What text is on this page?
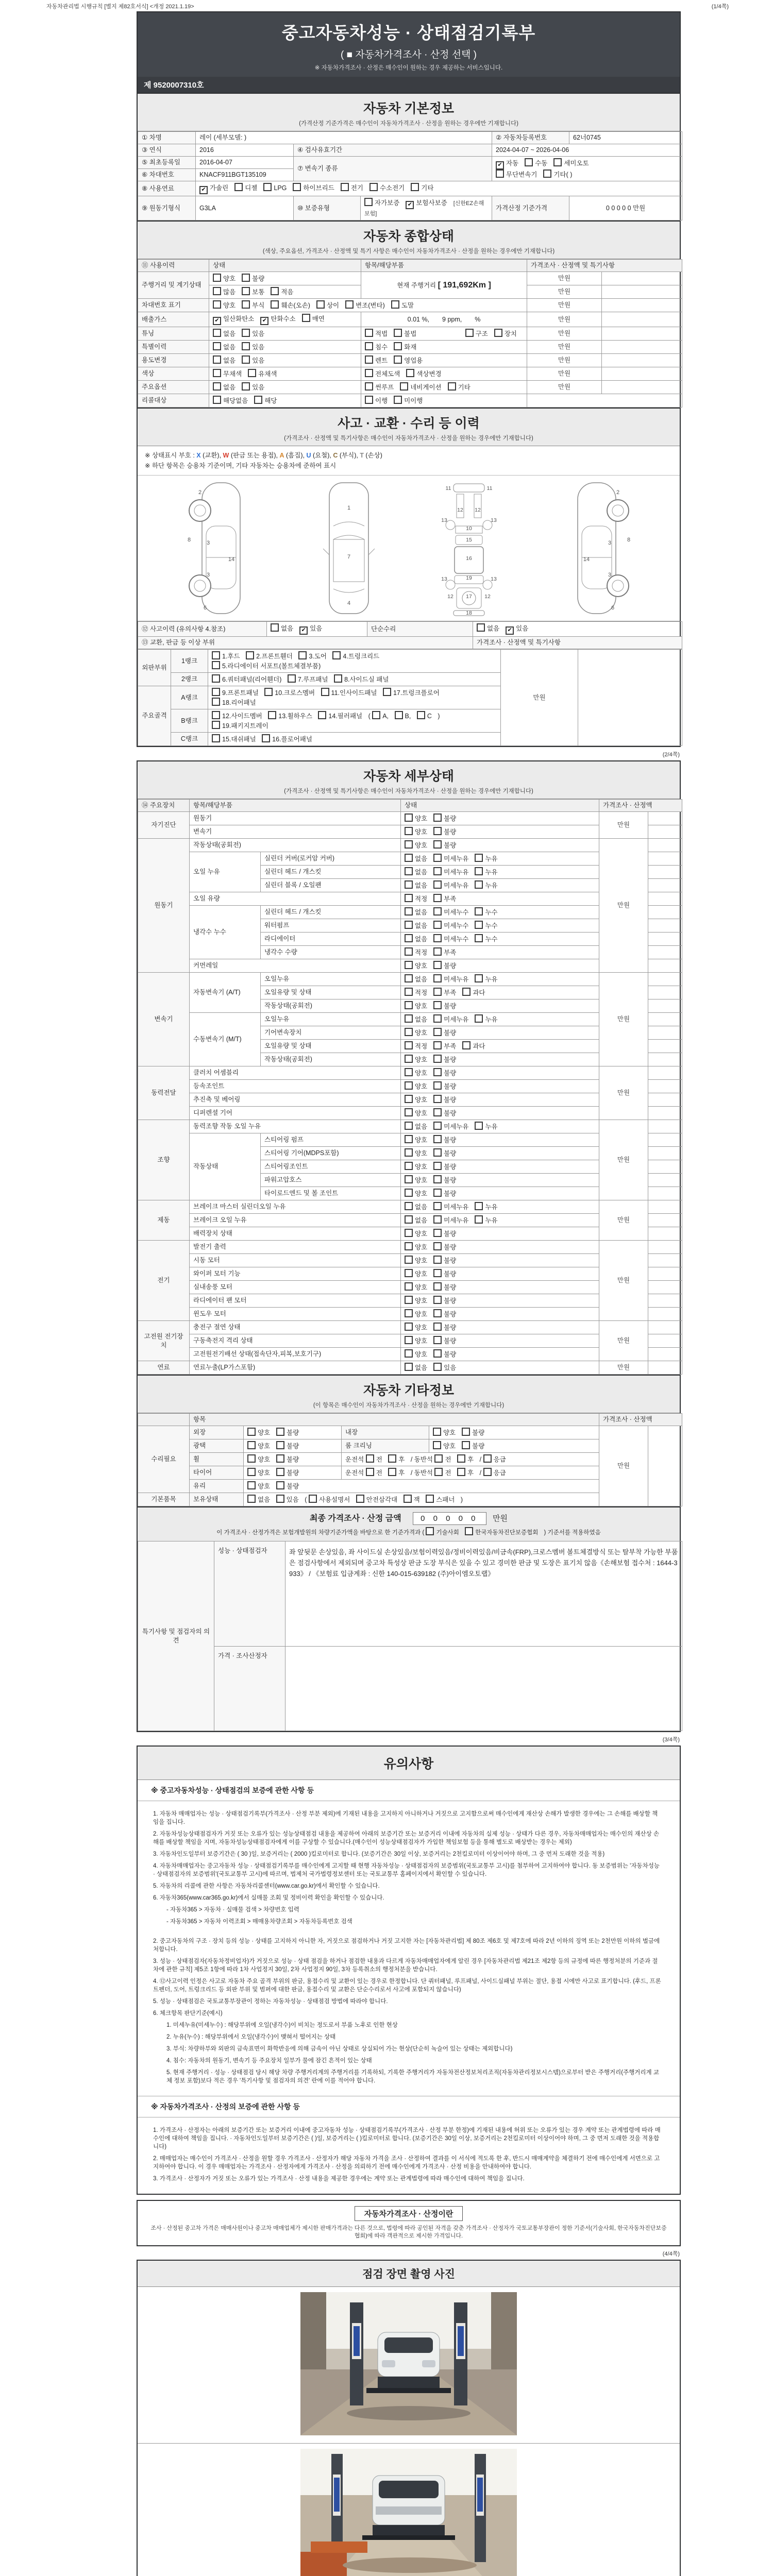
자동차관리법 시행규칙 [별지 제82호서식] <개정 2021.1.19>	(1/4쪽)
중고자동차성능 · 상태점검기록부
( ■ 자동차가격조사 · 산정 선택 )
※ 자동차가격조사 · 산정은 매수인이 원하는 경우 제공하는 서비스입니다.
제 9520007310호
자동차 기본정보
(가격산정 기준가격은 매수인이 자동차가격조사 · 산정을 원하는 경우에만 기재합니다)
① 차명	레이 (세부모델: )			② 자동차등록번호	62너0745
③ 연식	2016	④ 검사유효기간		2024-04-07 ~ 2026-04-06	
⑤ 최초등록일	2016-04-07	⑦ 변속기 종류		✔ 자동 수동 세미오토
무단변속기 기타( )	
⑥ 차대번호	KNACF911BGT135109				
⑧ 사용연료	✔ 가솔린 디젤 LPG 하이브리드 전기 수소전기 기타				
⑨ 원동기형식	G3LA	⑩ 보증유형	자가보증 ✔ 보험사보증 [신한EZ손해보험]	가격산정 기준가격	0 0 0 0 0 만원
자동차 종합상태
(색상, 주요옵션, 가격조사 · 산정액 및 특기 사항은 매수인이 자동차가격조사 · 산정을 원하는 경우에만 기재합니다)
⑪ 사용이력	상태	항목/해당부품	가격조사 · 산정액 및 특기사항	
주행거리 및 계기상태	양호 불량	현재 주행거리 [ 191,692Km ]	만원	
	많음 보통 적음		만원	
차대번호 표기	양호 부식 훼손(오손) 상이 변조(변타) 도말		만원	
배출가스	✔ 일산화탄소 ✔ 탄화수소 매연	0.01 %,  9 ppm,  %	만원	
튜닝	없음 있음	적법 불법 구조 장치	만원	
특별이력	없음 있음	침수 화재	만원	
용도변경	없음 있음	렌트 영업용	만원	
색상	무채색 유채색	전체도색 색상변경	만원	
주요옵션	없음 있음	썬루프 네비게이션 기타	만원	
리콜대상	해당없음 해당	이행 미이행		
사고 · 교환 · 수리 등 이력
(가격조사 · 산정액 및 특기사항은 매수인이 자동차가격조사 · 산정을 원하는 경우에만 기재합니다)
※ 상태표시 부호 : X (교환), W (판금 또는 용접), A (흠집), U (요철), C (부식), T (손상)
※ 하단 항목은 승용차 기준이며, 기타 자동차는 승용차에 준하여 표시
2
8	3
14
3
6
1
7
4
11	11
12 12
13	13
10
15
16
19
13	13
12 17 12
18
2
8
3
14
3
6
⑫ 사고이력 (유의사항 4.참조)	없음 ✔ 있음	단순수리	없음 ✔ 있음
⑬ 교환, 판금 등 이상 부위			가격조사 · 산정액 및 특기사항
외판부위	1랭크	1.후드 2.프론트휀더 3.도어 4.트렁크리드
5.라디에이터 서포트(볼트체결부품)	만원	
	2랭크	6.쿼터패널(리어휀더) 7.루프패널 8.사이드실 패널		
주요골격	A랭크	9.프론트패널 10.크로스멤버 11.인사이드패널 17.트렁크플로어
18.리어패널		
	B랭크	12.사이드멤버 13.휠하우스 14.필러패널 ( A, B, C )
19.패키지트레이		
	C랭크	15.대쉬패널 16.플로어패널		
(2/4쪽)
자동차 세부상태
(가격조사 · 산정액 및 특기사항은 매수인이 자동차가격조사 · 산정을 원하는 경우에만 기재합니다)
⑭ 주요장치	항목/해당부품		상태	가격조사 · 산정액	
자기진단	원동기		양호 불량	만원	
	변속기		양호 불량		
원동기	작동상태(공회전)		양호 불량	만원	
	오일 누유	실린더 커버(로커암 커버)	없음 미세누유 누유		
		실린더 헤드 / 개스킷	없음 미세누유 누유		
		실린더 블록 / 오일팬	없음 미세누유 누유		
	오일 유량		적정 부족		
	냉각수 누수	실린더 헤드 / 개스킷	없음 미세누수 누수		
		워터펌프	없음 미세누수 누수		
		라디에이터	없음 미세누수 누수		
		냉각수 수량	적정 부족		
	커먼레일		양호 불량		
변속기	자동변속기 (A/T)	오일누유	없음 미세누유 누유	만원	
		오일유량 및 상태	적정 부족 과다		
		작동상태(공회전)	양호 불량		
	수동변속기 (M/T)	오일누유	없음 미세누유 누유		
		기어변속장치	양호 불량		
		오일유량 및 상태	적정 부족 과다		
		작동상태(공회전)	양호 불량		
동력전달	클러치 어셈블리		양호 불량	만원	
	등속조인트		양호 불량		
	추진축 및 베어링		양호 불량		
	디퍼렌셜 기어		양호 불량		
조향	동력조향 작동 오일 누유		없음 미세누유 누유	만원	
	작동상태	스티어링 펌프	양호 불량		
		스티어링 기어(MDPS포함)	양호 불량		
		스티어링조인트	양호 불량		
		파워고압호스	양호 불량		
		타이로드엔드 및 볼 조인트	양호 불량		
제동	브레이크 마스터 실린더오일 누유		없음 미세누유 누유	만원	
	브레이크 오일 누유		없음 미세누유 누유		
	배력장치 상태		양호 불량		
전기	발전기 출력		양호 불량	만원	
	시동 모터		양호 불량		
	와이퍼 모터 기능		양호 불량		
	실내송풍 모터		양호 불량		
	라디에이터 팬 모터		양호 불량		
	윈도우 모터		양호 불량		
고전원 전기장치	충전구 절연 상태		양호 불량	만원	
	구동축전지 격리 상태		양호 불량		
	고전원전기배선 상태(접속단자,피복,보호기구)		양호 불량		
연료	연료누출(LP가스포함)		없음 있음	만원	
자동차 기타정보
(이 항목은 매수인이 자동차가격조사 · 산정을 원하는 경우에만 기재합니다)
	항목				가격조사 · 산정액	
수리필요	외장	양호 불량	내장	양호 불량	만원	
	광택	양호 불량	룸 크리닝	양호 불량		
	휠	양호 불량	운전석 전 후 / 동반석 전 후 / 응급			
	타이어	양호 불량	운전석 전 후 / 동반석 전 후 / 응급			
	유리	양호 불량				
기본품목	보유상태	없음 있음 ( 사용설명서 안전삼각대 잭 스패너 )				
최종 가격조사 · 산정 금액 0 0 0 0 0 만원
이 가격조사 · 산정가격은 보험개발원의 차량기준가액을 바탕으로 한 기준가격과 ( 기술사회	한국자동차진단보증협회 ) 기준서를 적용하였음
특기사항 및 점검자의 의견	성능 · 상태점검자	좌 앞뒷문 손상있음, 좌 사이드실 손상있음/보험이력있음/정비이력있음/비금속(FRP),크로스멤버 볼트체결방식 또는 탈부착 가능한 부품은 점검사항에서 제외되며 중고차 특성상 판금 도장 부식은 있을 수 있고 경미한 판금 및 도장은 표기치 않음《손해보험 접수처 : 1644-3933》 / 《보험료 입금계좌 : 신한 140-015-639182 (주)아이엠오토랩》
	가격 · 조사산정자	
(3/4쪽)
유의사항
※ 중고자동차성능 · 상태점검의 보증에 관한 사항 등

1. 자동차 매매업자는 성능 · 상태점검기록부(가격조사 · 산정 부분 제외)에 기재된 내용을 고지하지 아니하거나 거짓으로 고지함으로써 매수인에게 재산상 손해가 발생한 경우에는 그 손해를 배상할 책임을 집니다.

2. 자동차성능상태점검자가 거짓 또는 오류가 있는 성능상태점검 내용을 제공하여 아래의 보증기간 또는 보증거리 이내에 자동차의 실제 성능 · 상태가 다른 경우, 자동차매매업자는 매수인의 재산상 손해를 배상할 책임을 지며, 자동차성능상태점검자에게 이를 구상할 수 있습니다.(매수인이 성능상태점검자가 가입한 책임보험 등을 통해 별도로 배상받는 경우는 제외)

3. 자동차인도일부터 보증기간은 ( 30 )일, 보증거리는 ( 2000 )킬로미터로 합니다. (보증기간은 30일 이상, 보증거리는 2천킬로미터 이상이어야 하며, 그 중 먼저 도래한 것을 적용)

4. 자동차매매업자는 중고자동차 성능 · 상태점검기록부를 매수인에게 고지할 때 현행 자동차성능 · 상태점검자의 보증범위(국토교통부 고시)를 첨부하여 고지하여야 합니다. 동 보증범위는 '자동차성능 · 상태점검자의 보증범위'(국토교통부 고시)에 따르며, 법제처 국가법령정보센터 또는 국토교통부 홈페이지에서 확인할 수 있습니다.

5. 자동차의 리콜에 관한 사항은 자동차리콜센터(www.car.go.kr)에서 확인할 수 있습니다.

6. 자동차365(www.car365.go.kr)에서 실매물 조회 및 정비이력 확인을 확인할 수 있습니다.

- 자동차365 > 자동차 · 실매물 검색 > 차량번호 입력

- 자동차365 > 자동차 이력조회 > 매매용차량조회 > 자동차등록번호 검색

2. 중고자동차의 구조 · 장치 등의 성능 · 상태를 고지하지 아니한 자, 거짓으로 점검하거나 거짓 고지한 자는 [자동차관리법] 제 80조 제6호 및 제7호에 따라 2년 이하의 징역 또는 2천만원 이하의 벌금에 처합니다.

3. 성능 · 상태점검자(자동차정비업자)가 거짓으로 성능 · 상태 점검을 하거나 점검한 내용과 다르게 자동차매매업자에게 알린 경우 [자동차관리법 제21조 제2항 등의 규정에 따른 행정처분의 기준과 절차에 관한 규칙] 제5조 1항에 따라 1차 사업정지 30일, 2차 사업정지 90일, 3차 등록취소의 행정처분을 받습니다.

4. ⑫사고이력 인정은 사고로 자동차 주요 골격 부위의 판금, 용접수리 및 교환이 있는 경우로 한정합니다. 단 쿼터패널, 루프패널, 사이드실패널 부위는 절단, 용접 시에만 사고로 표기합니다. (후드, 프론트펜더, 도어, 트렁크리드 등 외판 부위 및 범퍼에 대한 판금, 용접수리 및 교환은 단순수리로서 사고에 포함되지 않습니다)

5. 성능 · 상태점검은 국토교통부장관이 정하는 자동차성능 · 상태점검 방법에 따라야 합니다.

6. 체크항목 판단기준(예시)

1. 미세누유(미세누수) : 해당부위에 오일(냉각수)이 비치는 정도로서 부품 노후로 인한 현상

2. 누유(누수) : 해당부위에서 오일(냉각수)이 맺혀서 떨어지는 상태

3. 부식: 차량하부와 외판의 금속표면이 화학반응에 의해 금속이 아닌 상태로 상실되어 가는 현상(단순히 녹슬어 있는 상태는 제외합니다)

4. 침수: 자동차의 원동기, 변속기 등 주요장치 일부가 물에 잠긴 흔적이 있는 상태

5. 현재 주행거리 · 성능 · 상태점검 당시 해당 차량 주행거리계의 주행거리를 기록하되, 기록한 주행거리가 자동차전산정보처리조직(자동차관리정보시스템)으로부터 받은 주행거리(주행거리계 교체 정보 포함)보다 적은 경우 '특기사항 및 점검자의 의견' 란에 이를 적어야 합니다.

※ 자동차가격조사 · 산정의 보증에 관한 사항 등

1. 가격조사 · 산정자는 아래의 보증기간 또는 보증거리 이내에 중고자동차 성능 · 상태점검기록부(가격조사 · 산정 부분 한정)에 기재된 내용에 허위 또는 오류가 있는 경우 계약 또는 관계법령에 따라 매수인에 대하여 책임을 집니다. · 자동차인도일부터 보증기간은 ( )일, 보증거리는 ( )킬로미터로 합니다. (보증기간은 30일 이상, 보증거리는 2천킬로미터 이상이어야 하며, 그 중 먼저 도래한 것을 적용합니다)

2. 매매업자는 매수인이 가격조사 · 산정을 원할 경우 가격조사 · 산정자가 해당 자동차 가격을 조사 · 산정하여 결과를 이 서식에 적도록 한 후, 반드시 매매계약을 체결하기 전에 매수인에게 서면으로 고지하여야 합니다. 이 경우 매매업자는 가격조사 · 산정자에게 가격조사 · 산정을 의뢰하기 전에 매수인에게 가격조사 · 산정 비용을 안내하여야 합니다.

3. 가격조사 · 산정자가 거짓 또는 오류가 있는 가격조사 · 산정 내용을 제공한 경우에는 계약 또는 관계법령에 따라 매수인에 대하여 책임을 집니다.

자동차가격조사 · 산정이란
조사 · 산정된 중고차 가격은 매매사원이나 중고차 매매업체가 제시한 판매가격과는 다른 것으로, 법령에 따라 공인된 자격을 갖춘 가격조사 · 산정자가 국토교통부장관이 정한 기준서(기술사회, 한국자동차진단보증협회)에 따라 객관적으로 제시한 가격입니다.
(4/4쪽)
점검 장면 촬영 사진
